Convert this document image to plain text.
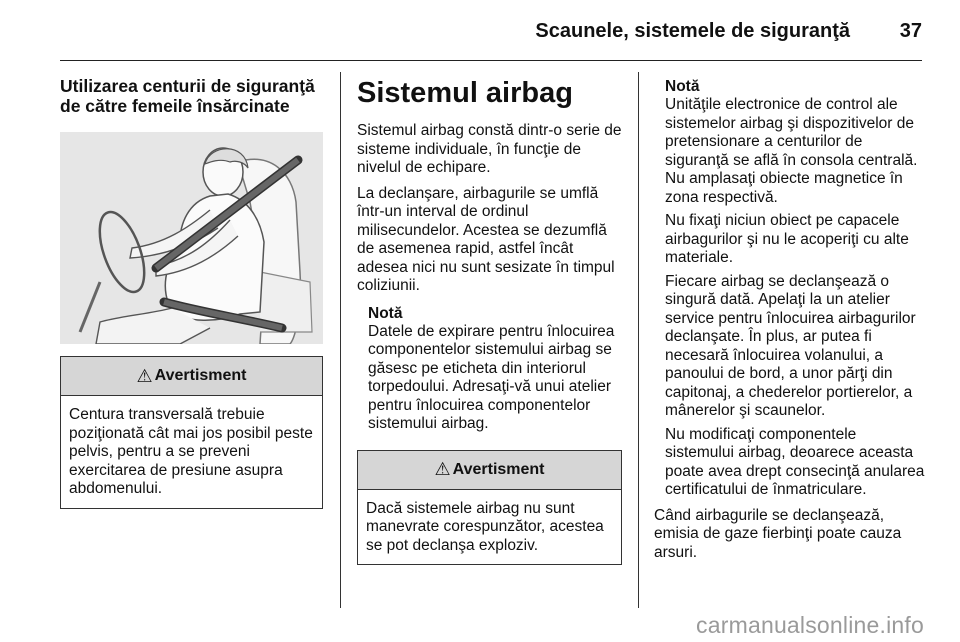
Scaunele, sistemele de siguranţă 37
Utilizarea centurii de siguranţă de către femeile însărcinate
⚠ Avertisment

Centura transversală trebuie poziţionată cât mai jos posibil peste pelvis, pentru a se preveni exercitarea de presiune asupra abdomenului.

Sistemul airbag

Sistemul airbag constă dintr-o serie de sisteme individuale, în funcţie de nivelul de echipare.

La declanşare, airbagurile se umflă într-un interval de ordinul milisecundelor. Acestea se dezumflă de asemenea rapid, astfel încât adesea nici nu sunt sesizate în timpul coliziunii.

Notă

Datele de expirare pentru înlocuirea componentelor sistemului airbag se găsesc pe eticheta din interiorul torpedoului. Adresaţi-vă unui atelier pentru înlocuirea componentelor sistemului airbag.

⚠ Avertisment

Dacă sistemele airbag nu sunt manevrate corespunzător, acestea se pot declanşa exploziv.

Notă

Unităţile electronice de control ale sistemelor airbag şi dispozitivelor de pretensionare a centurilor de siguranţă se află în consola centrală. Nu amplasaţi obiecte magnetice în zona respectivă.

Nu fixaţi niciun obiect pe capacele airbagurilor şi nu le acoperiţi cu alte materiale.

Fiecare airbag se declanşează o singură dată. Apelaţi la un atelier service pentru înlocuirea airbagurilor declanşate. În plus, ar putea fi necesară înlocuirea volanului, a panoului de bord, a unor părţi din capitonaj, a chederelor portierelor, a mânerelor şi scaunelor.

Nu modificaţi componentele sistemului airbag, deoarece aceasta poate avea drept consecinţă anularea certificatului de înmatriculare.

Când airbagurile se declanşează, emisia de gaze fierbinţi poate cauza arsuri.

carmanualsonline.info
